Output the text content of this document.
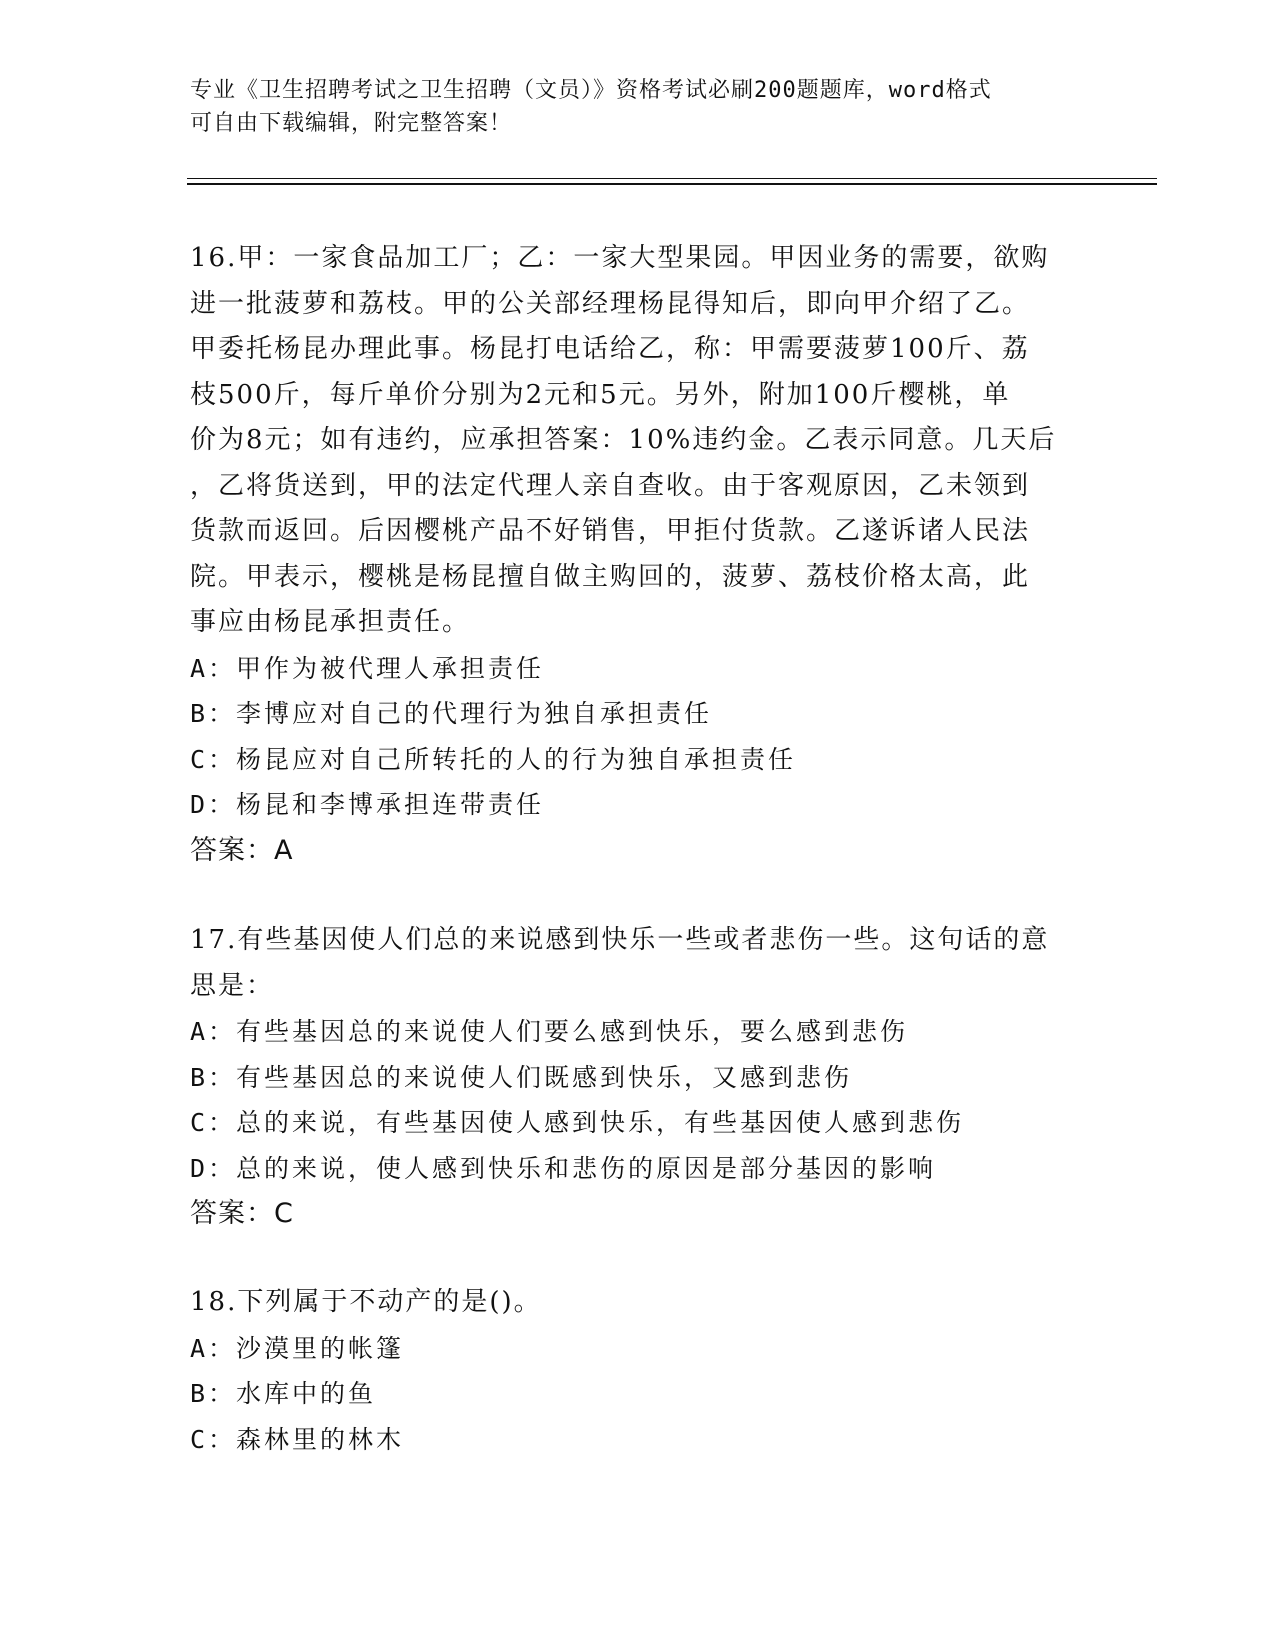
专业《卫生招聘考试之卫生招聘（文员）》资格考试必刷200题题库，word格式
可自由下载编辑，附完整答案！
16.甲：一家食品加工厂；乙：一家大型果园。甲因业务的需要，欲购
进一批菠萝和荔枝。甲的公关部经理杨昆得知后，即向甲介绍了乙。
甲委托杨昆办理此事。杨昆打电话给乙，称：甲需要菠萝100斤、荔
枝500斤，每斤单价分别为2元和5元。另外，附加100斤樱桃，单
价为8元；如有违约，应承担答案：10%违约金。乙表示同意。几天后
，乙将货送到，甲的法定代理人亲自查收。由于客观原因，乙未领到
货款而返回。后因樱桃产品不好销售，甲拒付货款。乙遂诉诸人民法
院。甲表示，樱桃是杨昆擅自做主购回的，菠萝、荔枝价格太高，此
事应由杨昆承担责任。
A：甲作为被代理人承担责任
B：李博应对自己的代理行为独自承担责任
C：杨昆应对自己所转托的人的行为独自承担责任
D：杨昆和李博承担连带责任
答案：A
17.有些基因使人们总的来说感到快乐一些或者悲伤一些。这句话的意
思是：
A：有些基因总的来说使人们要么感到快乐，要么感到悲伤
B：有些基因总的来说使人们既感到快乐，又感到悲伤
C：总的来说，有些基因使人感到快乐，有些基因使人感到悲伤
D：总的来说，使人感到快乐和悲伤的原因是部分基因的影响
答案：C
18.下列属于不动产的是()。
A：沙漠里的帐篷
B：水库中的鱼
C：森林里的林木
